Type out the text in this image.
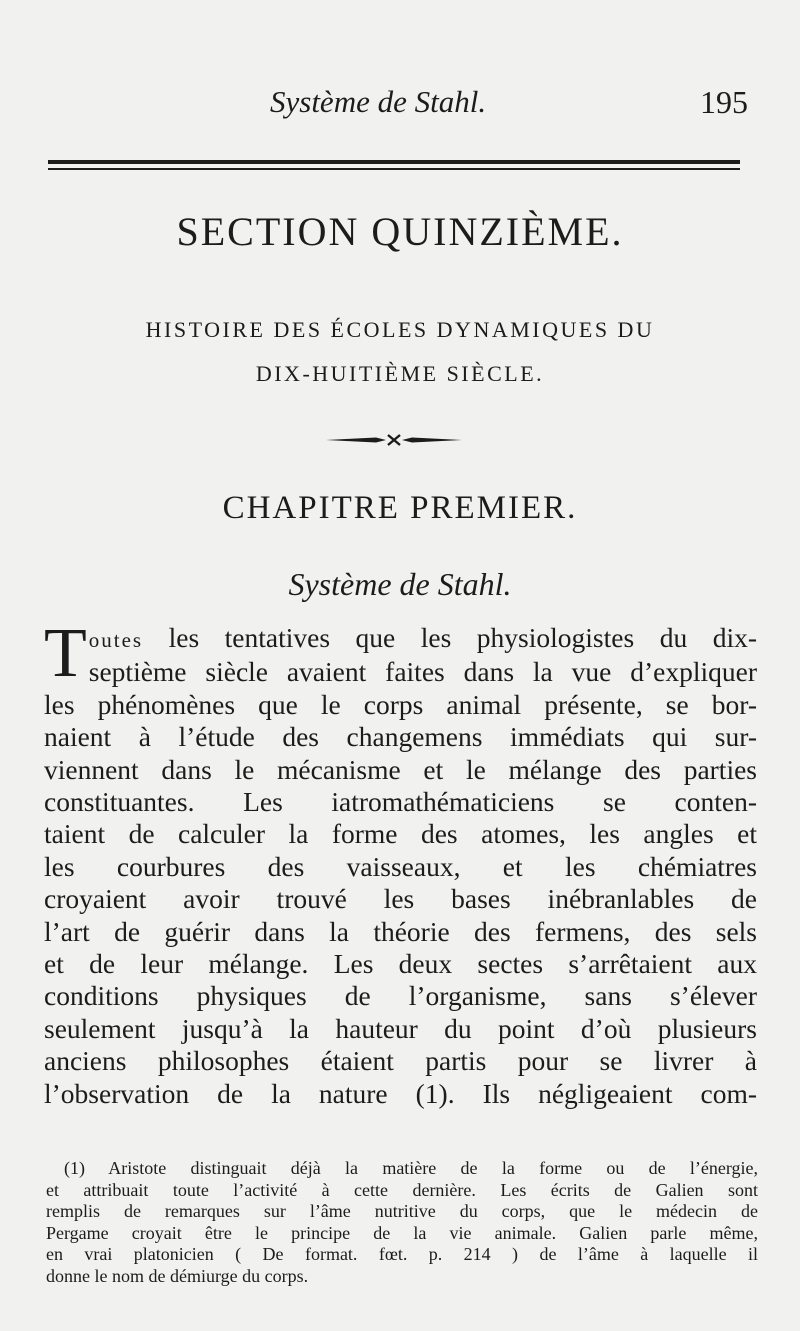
Système de Stahl.	195
SECTION QUINZIÈME.
HISTOIRE DES ÉCOLES DYNAMIQUES DU
DIX-HUITIÈME SIÈCLE.
CHAPITRE PREMIER.
Système de Stahl.
T outes les tentatives que les physiologistes du dix-
septième siècle avaient faites dans la vue d’expliquer
les phénomènes que le corps animal présente, se bor-
naient à l’étude des changemens immédiats qui sur-
viennent dans le mécanisme et le mélange des parties
constituantes. Les iatromathématiciens se conten-
taient de calculer la forme des atomes, les angles et
les courbures des vaisseaux, et les chémiatres
croyaient avoir trouvé les bases inébranlables de
l’art de guérir dans la théorie des fermens, des sels
et de leur mélange. Les deux sectes s’arrêtaient aux
conditions physiques de l’organisme, sans s’élever
seulement jusqu’à la hauteur du point d’où plusieurs
anciens philosophes étaient partis pour se livrer à
l’observation de la nature (1). Ils négligeaient com-
(1) Aristote distinguait déjà la matière de la forme ou de l’énergie,
et attribuait toute l’activité à cette dernière. Les écrits de Galien sont
remplis de remarques sur l’âme nutritive du corps, que le médecin de
Pergame croyait être le principe de la vie animale. Galien parle même,
en vrai platonicien ( De format. fœt. p. 214 ) de l’âme à laquelle il
donne le nom de démiurge du corps.
